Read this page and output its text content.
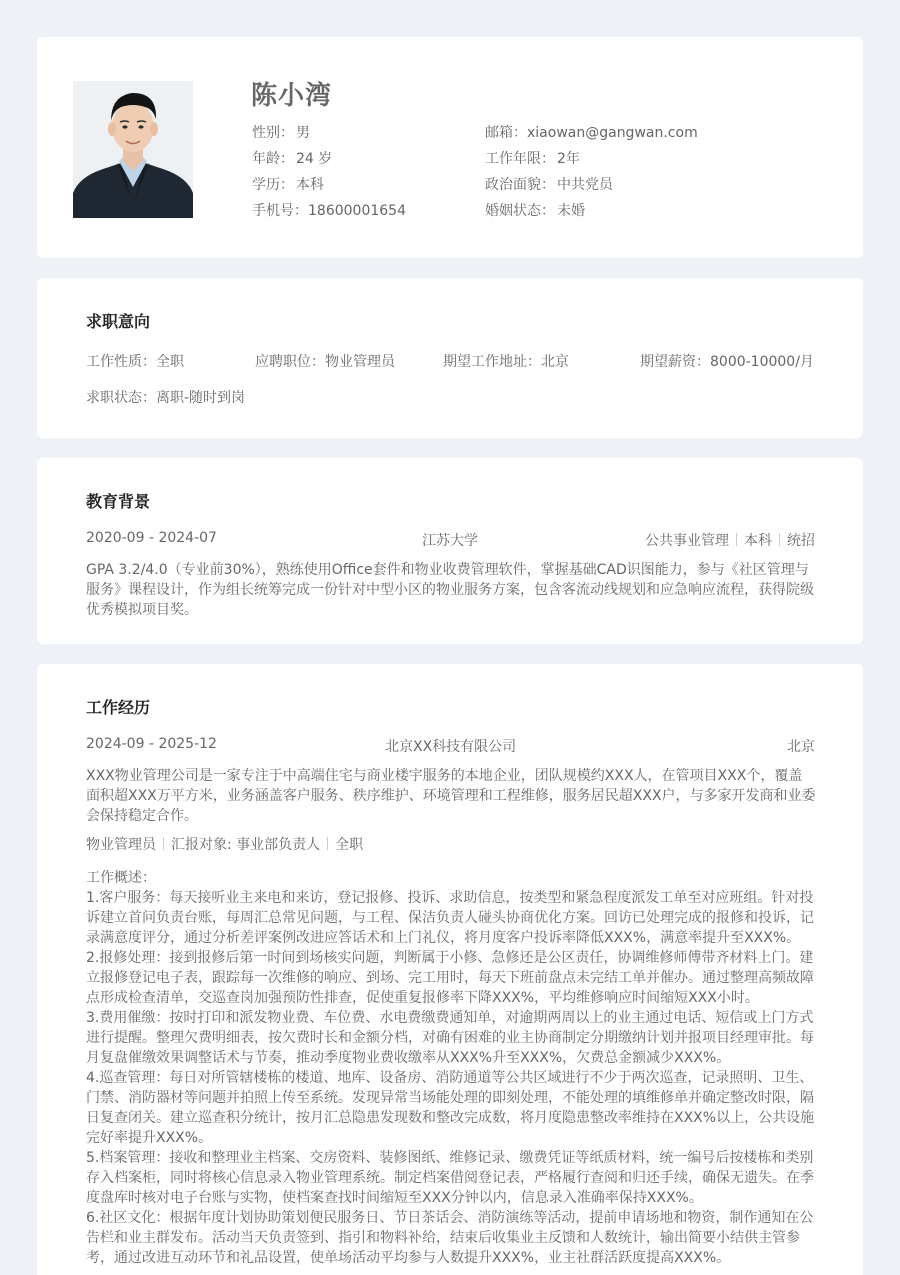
陈小湾
性别： 男
年龄： 24 岁
学历： 本科
手机号：18600001654
邮箱：xiaowan@gangwan.com
工作年限： 2年
政治面貌： 中共党员
婚姻状态： 未婚
求职意向
工作性质：全职	应聘职位：物业管理员	期望工作地址：北京	期望薪资：8000-10000/月
求职状态：离职-随时到岗
教育背景
2020-09 - 2024-07	江苏大学	公共事业管理 本科 统招
GPA 3.2/4.0（专业前30%），熟练使用Office套件和物业收费管理软件，掌握基础CAD识图能力，参与《社区管理与服务》课程设计，作为组长统筹完成一份针对中型小区的物业服务方案，包含客流动线规划和应急响应流程，获得院级优秀模拟项目奖。
工作经历
2024-09 - 2025-12	北京XX科技有限公司	北京
XXX物业管理公司是一家专注于中高端住宅与商业楼宇服务的本地企业，团队规模约XXX人，在管项目XXX个，覆盖面积超XXX万平方米，业务涵盖客户服务、秩序维护、环境管理和工程维修，服务居民超XXX户，与多家开发商和业委会保持稳定合作。
物业管理员 汇报对象: 事业部负责人 全职

工作概述：

1.客户服务：每天接听业主来电和来访，登记报修、投诉、求助信息，按类型和紧急程度派发工单至对应班组。针对投诉建立首问负责台账，每周汇总常见问题，与工程、保洁负责人碰头协商优化方案。回访已处理完成的报修和投诉，记录满意度评分，通过分析差评案例改进应答话术和上门礼仪，将月度客户投诉率降低XXX%，满意率提升至XXX%。

2.报修处理：接到报修后第一时间到场核实问题，判断属于小修、急修还是公区责任，协调维修师傅带齐材料上门。建立报修登记电子表，跟踪每一次维修的响应、到场、完工用时，每天下班前盘点未完结工单并催办。通过整理高频故障点形成检查清单，交巡查岗加强预防性排查，促使重复报修率下降XXX%，平均维修响应时间缩短XXX小时。

3.费用催缴：按时打印和派发物业费、车位费、水电费缴费通知单，对逾期两周以上的业主通过电话、短信或上门方式进行提醒。整理欠费明细表，按欠费时长和金额分档，对确有困难的业主协商制定分期缴纳计划并报项目经理审批。每月复盘催缴效果调整话术与节奏，推动季度物业费收缴率从XXX%升至XXX%，欠费总金额减少XXX%。

4.巡查管理：每日对所管辖楼栋的楼道、地库、设备房、消防通道等公共区域进行不少于两次巡查，记录照明、卫生、门禁、消防器材等问题并拍照上传至系统。发现异常当场能处理的即刻处理，不能处理的填维修单并确定整改时限，隔日复查闭关。建立巡查积分统计，按月汇总隐患发现数和整改完成数，将月度隐患整改率维持在XXX%以上，公共设施完好率提升XXX%。

5.档案管理：接收和整理业主档案、交房资料、装修图纸、维修记录、缴费凭证等纸质材料，统一编号后按楼栋和类别存入档案柜，同时将核心信息录入物业管理系统。制定档案借阅登记表，严格履行查阅和归还手续，确保无遗失。在季度盘库时核对电子台账与实物，使档案查找时间缩短至XXX分钟以内，信息录入准确率保持XXX%。

6.社区文化：根据年度计划协助策划便民服务日、节日茶话会、消防演练等活动，提前申请场地和物资，制作通知在公告栏和业主群发布。活动当天负责签到、指引和物料补给，结束后收集业主反馈和人数统计，输出简要小结供主管参考，通过改进互动环节和礼品设置，使单场活动平均参与人数提升XXX%，业主社群活跃度提高XXX%。
